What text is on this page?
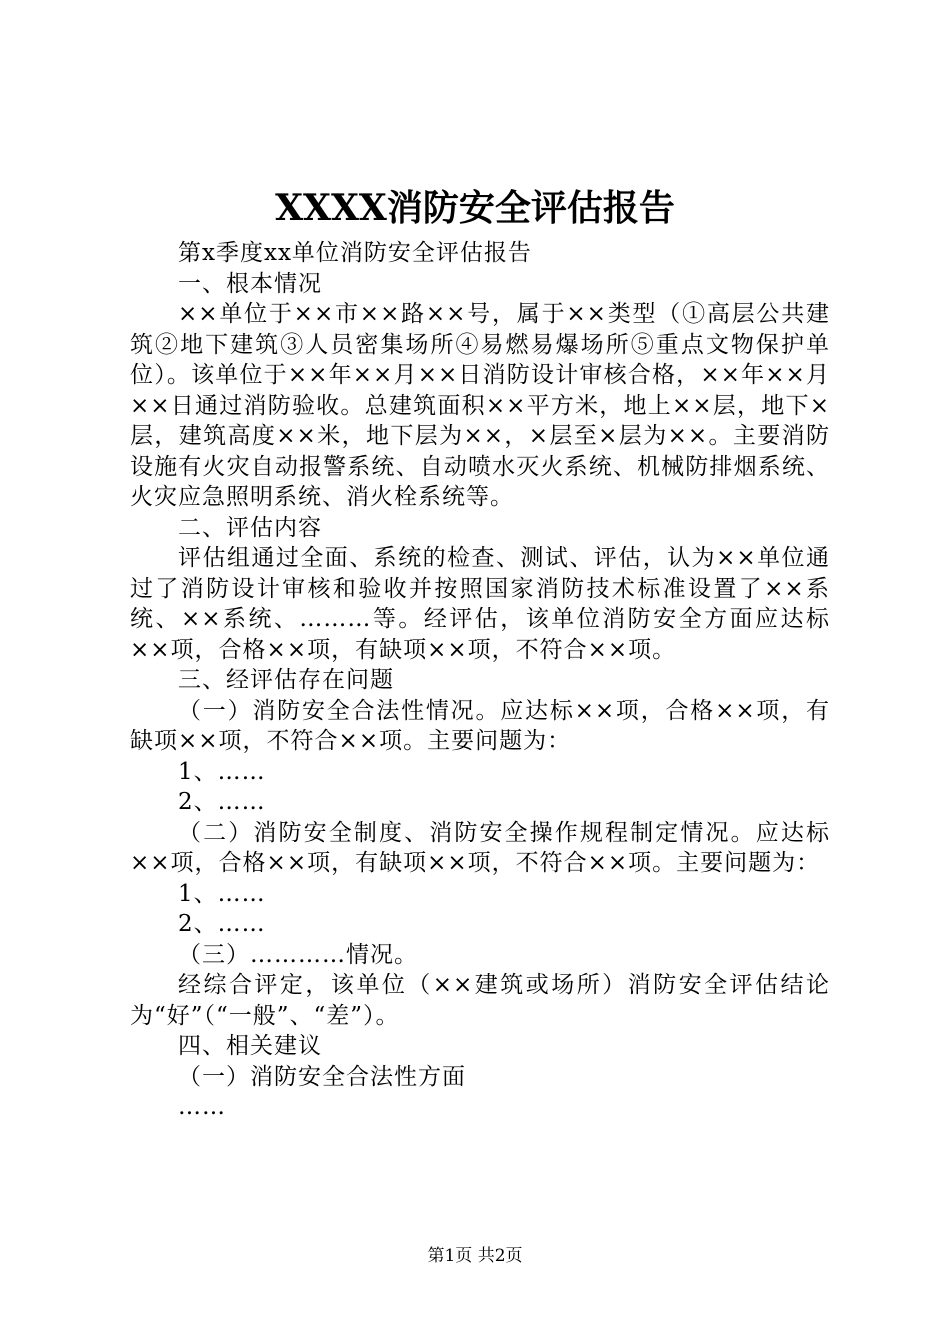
XXXX消防安全评估报告

第x季度xx单位消防安全评估报告

一、根本情况

××单位于××市××路××号，属于××类型（①高层公共建筑②地下建筑③人员密集场所④易燃易爆场所⑤重点文物保护单位）。该单位于××年××月××日消防设计审核合格，××年××月××日通过消防验收。总建筑面积××平方米，地上××层，地下×层，建筑高度××米，地下层为××，×层至×层为××。主要消防设施有火灾自动报警系统、自动喷水灭火系统、机械防排烟系统、火灾应急照明系统、消火栓系统等。

二、评估内容

评估组通过全面、系统的检查、测试、评估，认为××单位通过了消防设计审核和验收并按照国家消防技术标准设置了××系统、××系统、………等。经评估，该单位消防安全方面应达标××项，合格××项，有缺项××项，不符合××项。

三、经评估存在问题

（一）消防安全合法性情况。应达标××项，合格××项，有缺项××项，不符合××项。主要问题为：

1、……

2、……

（二）消防安全制度、消防安全操作规程制定情况。应达标××项，合格××项，有缺项××项，不符合××项。主要问题为：

1、……

2、……

（三）…………情况。

经综合评定，该单位（××建筑或场所）消防安全评估结论为“好”（“一般”、“差”）。

四、相关建议

（一）消防安全合法性方面

……

第1页 共2页
